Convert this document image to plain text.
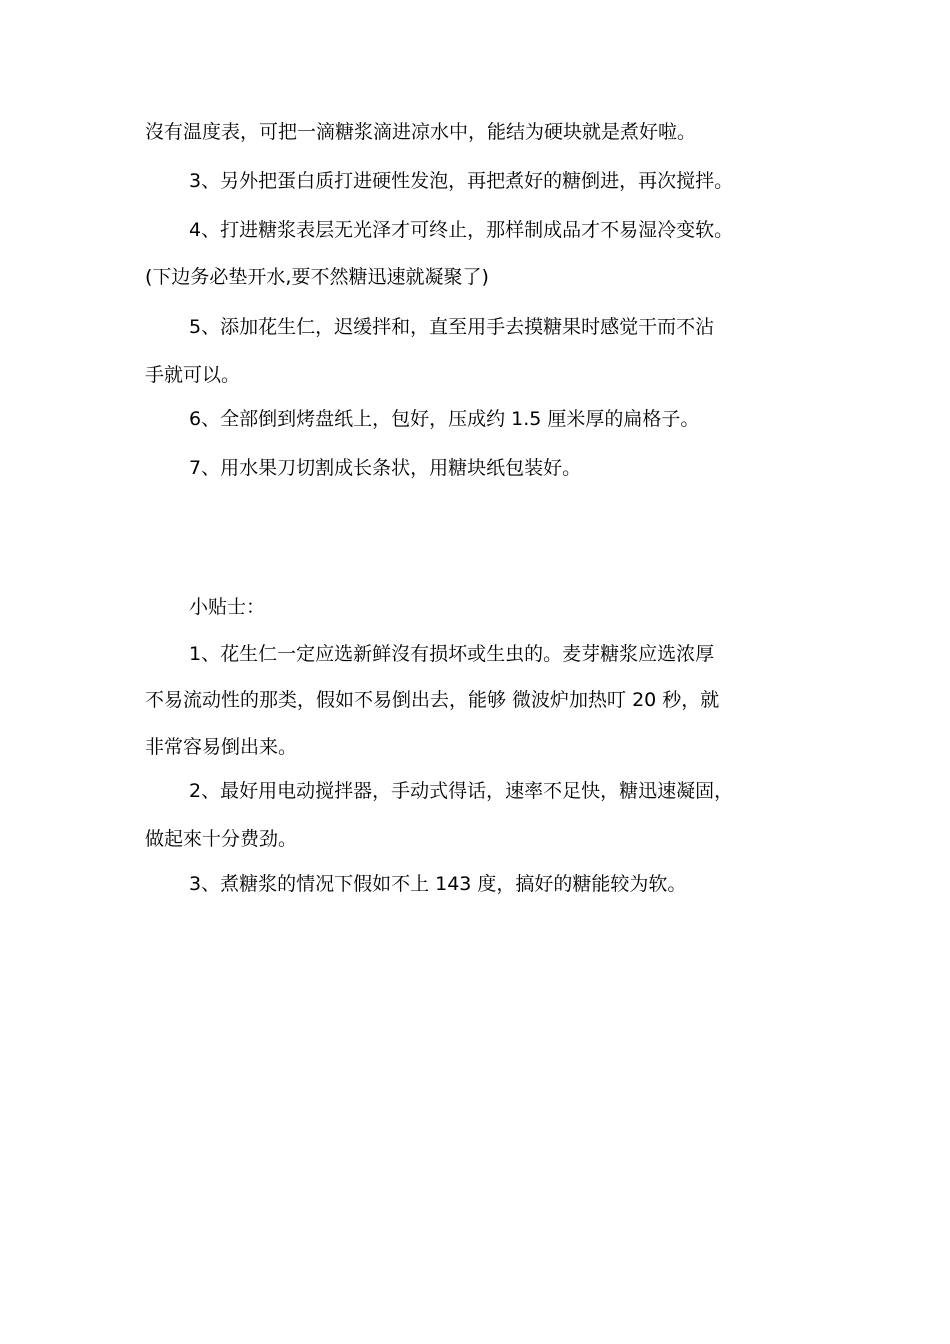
沒有温度表，可把一滴糖浆滴进凉水中，能结为硬块就是煮好啦。
3、另外把蛋白质打进硬性发泡，再把煮好的糖倒进，再次搅拌。
4、打进糖浆表层无光泽才可终止，那样制成品才不易湿冷变软。
(下边务必垫开水,要不然糖迅速就凝聚了)
5、添加花生仁，迟缓拌和，直至用手去摸糖果时感觉干而不沾
手就可以。
6、全部倒到烤盘纸上，包好，压成约 1.5 厘米厚的扁格子。
7、用水果刀切割成长条状，用糖块纸包装好。
小贴士：
1、花生仁一定应选新鲜沒有损坏或生虫的。麦芽糖浆应选浓厚
不易流动性的那类，假如不易倒出去，能够 微波炉加热叮 20 秒，就
非常容易倒出来。
2、最好用电动搅拌器，手动式得话，速率不足快，糖迅速凝固，
做起來十分费劲。
3、煮糖浆的情况下假如不上 143 度，搞好的糖能较为软。
